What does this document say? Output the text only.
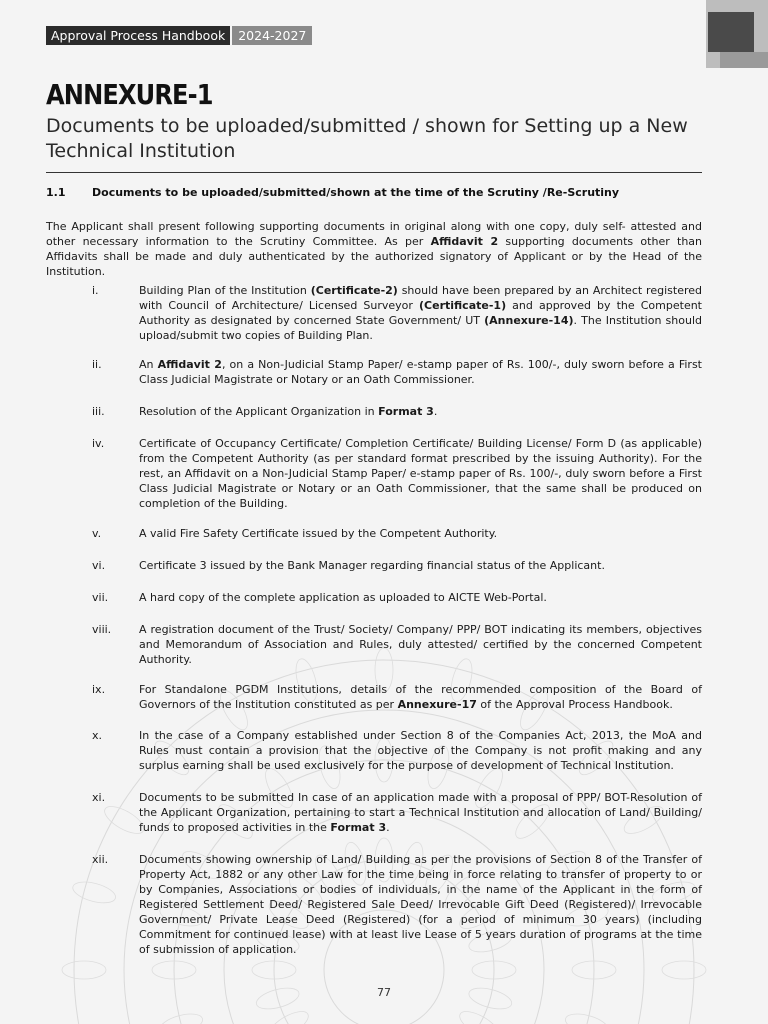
Approval Process Handbook	2024-2027
ANNEXURE-1
Documents to be uploaded/submitted / shown for Setting up a New Technical Institution
1.1 Documents to be uploaded/submitted/shown at the time of the Scrutiny /Re-Scrutiny
The Applicant shall present following supporting documents in original along with one copy, duly self- attested and other necessary information to the Scrutiny Committee. As per Affidavit 2 supporting documents other than Affidavits shall be made and duly authenticated by the authorized signatory of Applicant or by the Head of the Institution.
i.	Building Plan of the Institution (Certificate-2) should have been prepared by an Architect registered with Council of Architecture/ Licensed Surveyor (Certificate-1) and approved by the Competent Authority as designated by concerned State Government/ UT (Annexure-14). The Institution should upload/submit two copies of Building Plan.
ii.	An Affidavit 2, on a Non-Judicial Stamp Paper/ e-stamp paper of Rs. 100/-, duly sworn before a First Class Judicial Magistrate or Notary or an Oath Commissioner.
iii.	Resolution of the Applicant Organization in Format 3.
iv.	Certificate of Occupancy Certificate/ Completion Certificate/ Building License/ Form D (as applicable) from the Competent Authority (as per standard format prescribed by the issuing Authority). For the rest, an Affidavit on a Non-Judicial Stamp Paper/ e-stamp paper of Rs. 100/-, duly sworn before a First Class Judicial Magistrate or Notary or an Oath Commissioner, that the same shall be produced on completion of the Building.
v.	A valid Fire Safety Certificate issued by the Competent Authority.
vi.	Certificate 3 issued by the Bank Manager regarding financial status of the Applicant.
vii.	A hard copy of the complete application as uploaded to AICTE Web-Portal.
viii.	A registration document of the Trust/ Society/ Company/ PPP/ BOT indicating its members, objectives and Memorandum of Association and Rules, duly attested/ certified by the concerned Competent Authority.
ix.	For Standalone PGDM Institutions, details of the recommended composition of the Board of Governors of the Institution constituted as per Annexure-17 of the Approval Process Handbook.
x.	In the case of a Company established under Section 8 of the Companies Act, 2013, the MoA and Rules must contain a provision that the objective of the Company is not profit making and any surplus earning shall be used exclusively for the purpose of development of Technical Institution.
xi.	Documents to be submitted In case of an application made with a proposal of PPP/ BOT-Resolution of the Applicant Organization, pertaining to start a Technical Institution and allocation of Land/ Building/ funds to proposed activities in the Format 3.
xii.	Documents showing ownership of Land/ Building as per the provisions of Section 8 of the Transfer of Property Act, 1882 or any other Law for the time being in force relating to transfer of property to or by Companies, Associations or bodies of individuals, in the name of the Applicant in the form of Registered Settlement Deed/ Registered Sale Deed/ Irrevocable Gift Deed (Registered)/ Irrevocable Government/ Private Lease Deed (Registered) (for a period of minimum 30 years) (including Commitment for continued lease) with at least live Lease of 5 years duration of programs at the time of submission of application.
77
